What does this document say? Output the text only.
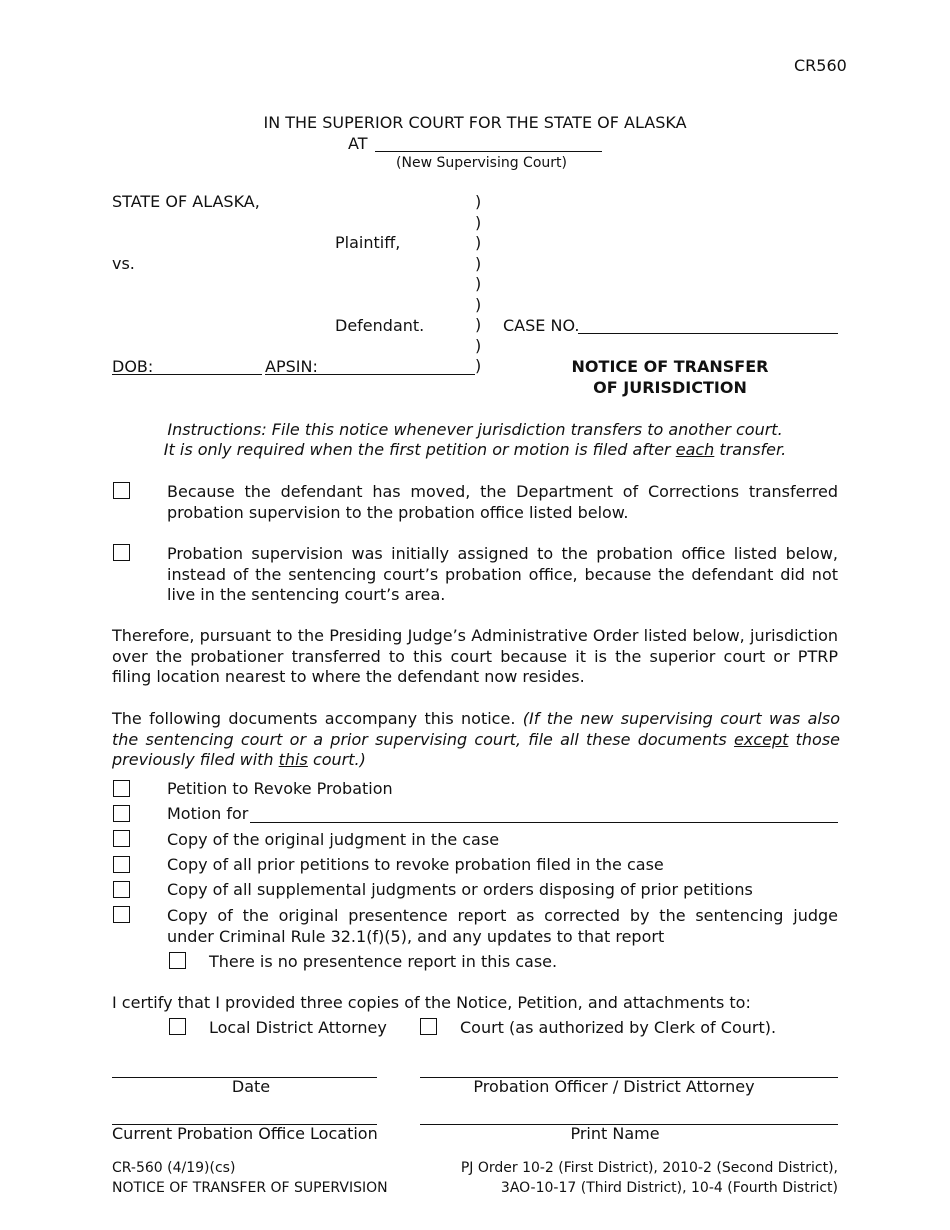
CR560
IN THE SUPERIOR COURT FOR THE STATE OF ALASKA
AT
(New Supervising Court)
STATE OF ALASKA,
Plaintiff,
vs.
Defendant.
)
)
)
)
)
)
)
)
)
DOB:	APSIN:
CASE NO.
NOTICE OF TRANSFER
OF JURISDICTION
Instructions: File this notice whenever jurisdiction transfers to another court.
It is only required when the first petition or motion is filed after each transfer.
Because the defendant has moved, the Department of Corrections transferred probation supervision to the probation office listed below.
Probation supervision was initially assigned to the probation office listed below, instead of the sentencing court’s probation office, because the defendant did not live in the sentencing court’s area.
Therefore, pursuant to the Presiding Judge’s Administrative Order listed below, jurisdiction over the probationer transferred to this court because it is the superior court or PTRP filing location nearest to where the defendant now resides.
The following documents accompany this notice. (If the new supervising court was also the sentencing court or a prior supervising court, file all these documents except those previously filed with this court.)
Petition to Revoke Probation
Motion for
Copy of the original judgment in the case
Copy of all prior petitions to revoke probation filed in the case
Copy of all supplemental judgments or orders disposing of prior petitions
Copy of the original presentence report as corrected by the sentencing judge under Criminal Rule 32.1(f)(5), and any updates to that report
There is no presentence report in this case.
I certify that I provided three copies of the Notice, Petition, and attachments to:
Local District Attorney	Court (as authorized by Clerk of Court).
Date	Probation Officer / District Attorney
Current Probation Office Location	Print Name
CR-560 (4/19)(cs)
NOTICE OF TRANSFER OF SUPERVISION
PJ Order 10-2 (First District), 2010-2 (Second District),
3AO-10-17 (Third District), 10-4 (Fourth District)
